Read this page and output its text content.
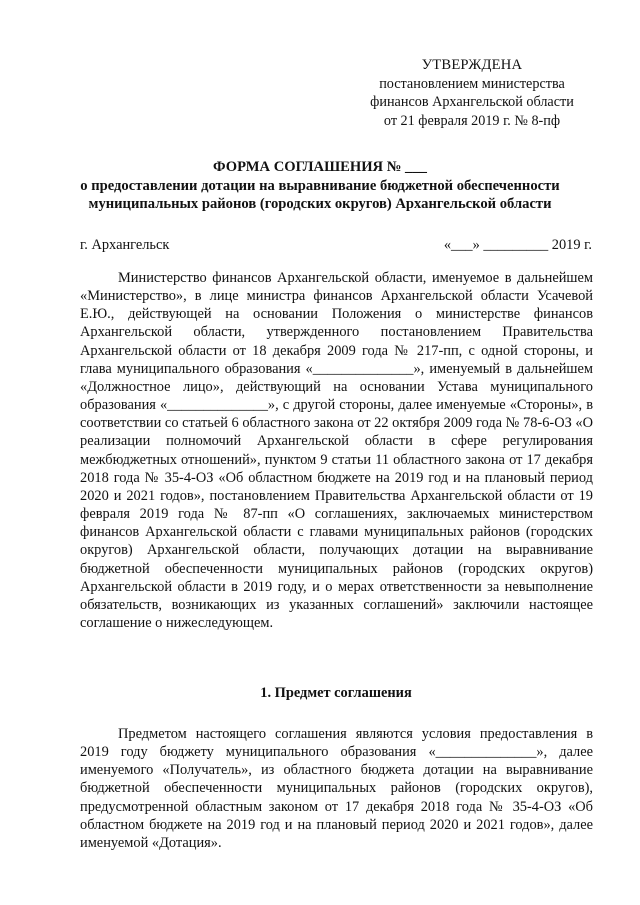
УТВЕРЖДЕНА
постановлением министерства
финансов Архангельской области
от 21 февраля 2019 г. № 8-пф
ФОРМА СОГЛАШЕНИЯ № ___
о предоставлении дотации на выравнивание бюджетной обеспеченности
муниципальных районов (городских округов) Архангельской области
г. Архангельск	«___» _________ 2019 г.

Министерство финансов Архангельской области, именуемое в дальнейшем «Министерство», в лице министра финансов Архангельской области Усачевой Е.Ю., действующей на основании Положения о министерстве финансов Архангельской области, утвержденного постановлением Правительства Архангельской области от 18 декабря 2009 года № 217-пп, с одной стороны, и глава муниципального образования «______________», именуемый в дальнейшем «Должностное лицо», действующий на основании Устава муниципального образования «______________», с другой стороны, далее именуемые «Стороны», в соответствии со статьей 6 областного закона от 22 октября 2009 года № 78-6-ОЗ «О реализации полномочий Архангельской области в сфере регулирования межбюджетных отношений», пунктом 9 статьи 11 областного закона от 17 декабря 2018 года № 35-4-ОЗ «Об областном бюджете на 2019 год и на плановый период 2020 и 2021 годов», постановлением Правительства Архангельской области от 19 февраля 2019 года № 87-пп «О соглашениях, заключаемых министерством финансов Архангельской области с главами муниципальных районов (городских округов) Архангельской области, получающих дотации на выравнивание бюджетной обеспеченности муниципальных районов (городских округов) Архангельской области в 2019 году, и о мерах ответственности за невыполнение обязательств, возникающих из указанных соглашений» заключили настоящее соглашение о нижеследующем.

1. Предмет соглашения

Предметом настоящего соглашения являются условия предоставления в 2019 году бюджету муниципального образования «______________», далее именуемого «Получатель», из областного бюджета дотации на выравнивание бюджетной обеспеченности муниципальных районов (городских округов), предусмотренной областным законом от 17 декабря 2018 года № 35-4-ОЗ «Об областном бюджете на 2019 год и на плановый период 2020 и 2021 годов», далее именуемой «Дотация».
